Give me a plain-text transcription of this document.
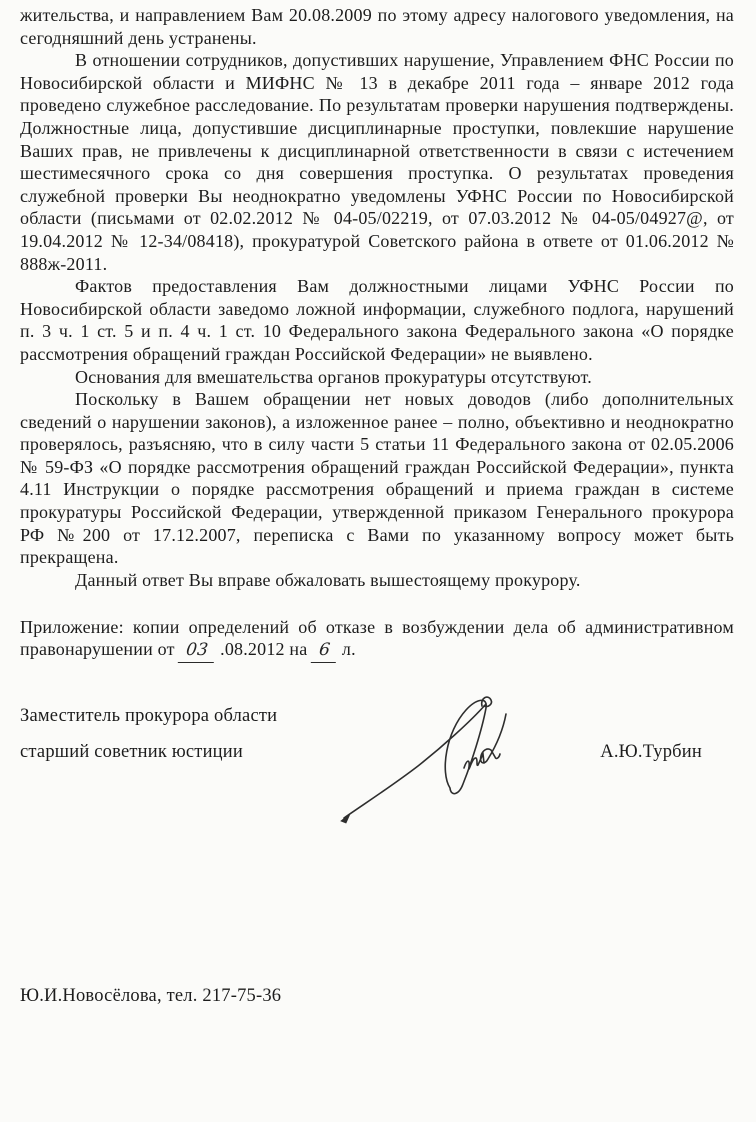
жительства, и направлением Вам 20.08.2009 по этому адресу налогового уведомления, на сегодняшний день устранены.

В отношении сотрудников, допустивших нарушение, Управлением ФНС России по Новосибирской области и МИФНС № 13 в декабре 2011 года – январе 2012 года проведено служебное расследование. По результатам проверки нарушения подтверждены. Должностные лица, допустившие дисциплинарные проступки, повлекшие нарушение Ваших прав, не привлечены к дисциплинарной ответственности в связи с истечением шестимесячного срока со дня совершения проступка. О результатах проведения служебной проверки Вы неоднократно уведомлены УФНС России по Новосибирской области (письмами от 02.02.2012 № 04-05/02219, от 07.03.2012 № 04-05/04927@, от 19.04.2012 № 12-34/08418), прокуратурой Советского района в ответе от 01.06.2012 № 888ж-2011.

Фактов предоставления Вам должностными лицами УФНС России по Новосибирской области заведомо ложной информации, служебного подлога, нарушений п. 3 ч. 1 ст. 5 и п. 4 ч. 1 ст. 10 Федерального закона Федерального закона «О порядке рассмотрения обращений граждан Российской Федерации» не выявлено.

Основания для вмешательства органов прокуратуры отсутствуют.

Поскольку в Вашем обращении нет новых доводов (либо дополнительных сведений о нарушении законов), а изложенное ранее – полно, объективно и неоднократно проверялось, разъясняю, что в силу части 5 статьи 11 Федерального закона от 02.05.2006 № 59-ФЗ «О порядке рассмотрения обращений граждан Российской Федерации», пункта 4.11 Инструкции о порядке рассмотрения обращений и приема граждан в системе прокуратуры Российской Федерации, утвержденной приказом Генерального прокурора РФ №200 от 17.12.2007, переписка с Вами по указанному вопросу может быть прекращена.

Данный ответ Вы вправе обжаловать вышестоящему прокурору.

Приложение: копии определений об отказе в возбуждении дела об административном правонарушении от 03 .08.2012 на 6 л.

Заместитель прокурора области

старший советник юстиции	А.Ю.Турбин

Ю.И.Новосёлова, тел. 217-75-36
